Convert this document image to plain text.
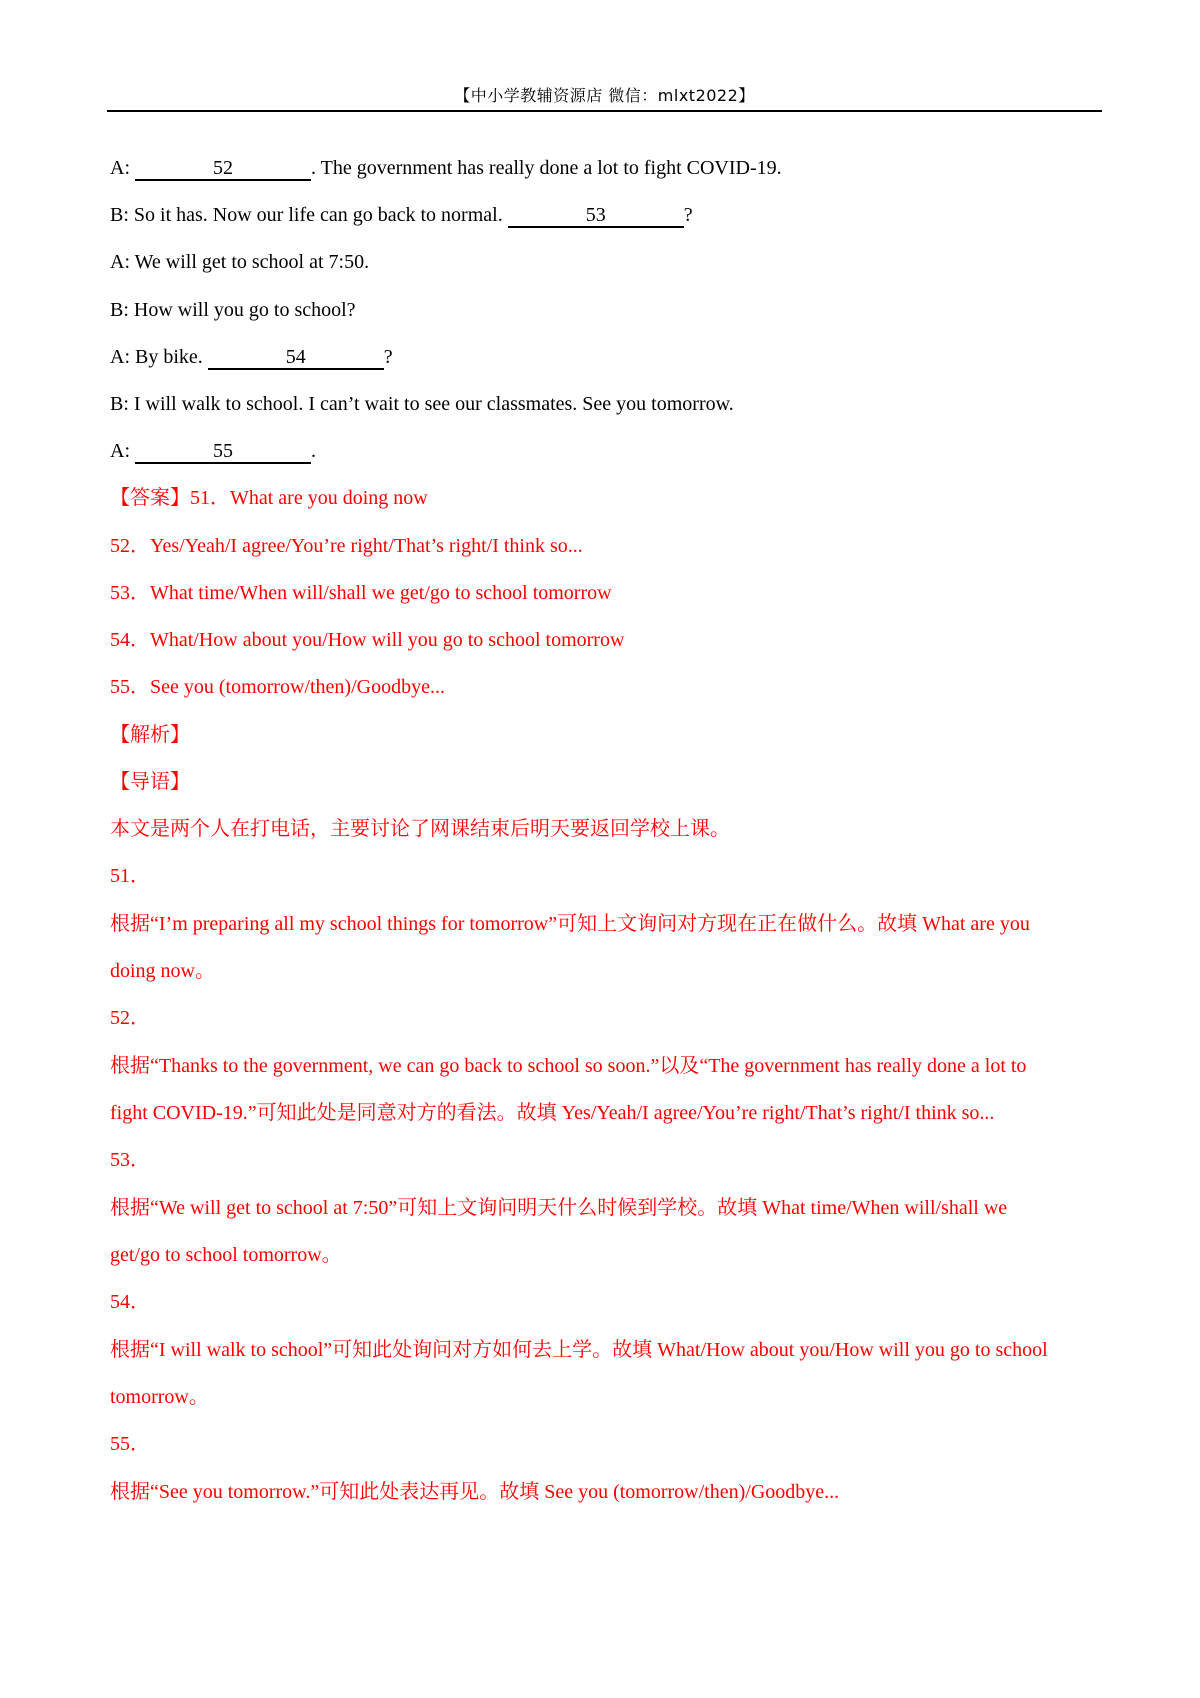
【中小学教辅资源店 微信：mlxt2022】
A:	52	. The government has really done a lot to fight COVID-19.
B: So it has. Now our life can go back to normal.	53	?
A: We will get to school at 7:50.
B: How will you go to school?
A: By bike.	54	?
B: I will walk to school. I can’t wait to see our classmates. See you tomorrow.
A:	55	.
【答案】51．What are you doing now
52．Yes/Yeah/I agree/You’re right/That’s right/I think so...
53．What time/When will/shall we get/go to school tomorrow
54．What/How about you/How will you go to school tomorrow
55．See you (tomorrow/then)/Goodbye...
【解析】
【导语】
本文是两个人在打电话，主要讨论了网课结束后明天要返回学校上课。
51．
根据“I’m preparing all my school things for tomorrow”可知上文询问对方现在正在做什么。故填 What are you
doing now。
52．
根据“Thanks to the government, we can go back to school so soon.”以及“The government has really done a lot to
fight COVID-19.”可知此处是同意对方的看法。故填 Yes/Yeah/I agree/You’re right/That’s right/I think so...
53．
根据“We will get to school at 7:50”可知上文询问明天什么时候到学校。故填 What time/When will/shall we
get/go to school tomorrow。
54．
根据“I will walk to school”可知此处询问对方如何去上学。故填 What/How about you/How will you go to school
tomorrow。
55．
根据“See you tomorrow.”可知此处表达再见。故填 See you (tomorrow/then)/Goodbye...
